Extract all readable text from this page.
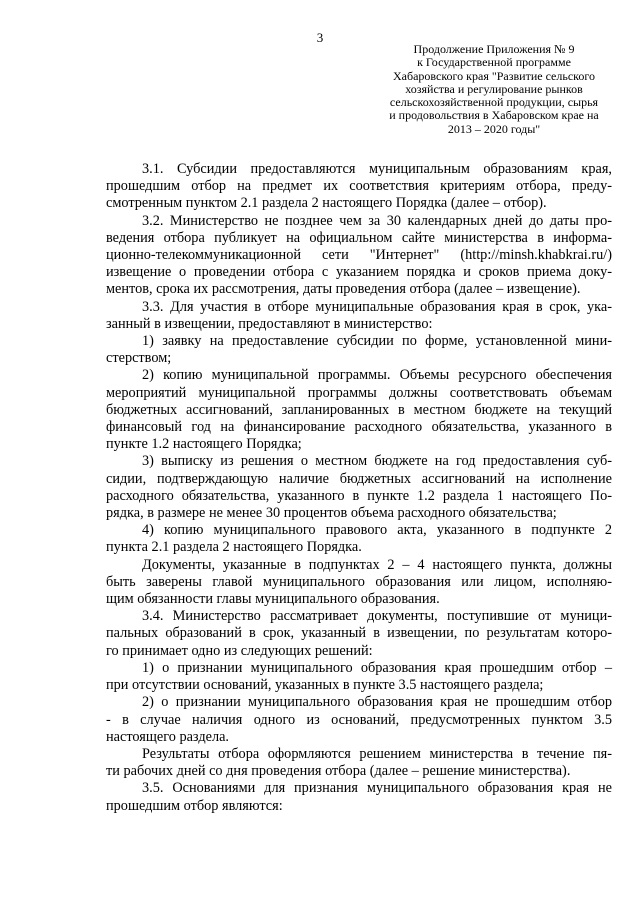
3
Продолжение Приложения № 9
к Государственной программе
Хабаровского края "Развитие сельского
хозяйства и регулирование рынков
сельскохозяйственной продукции, сырья
и продовольствия в Хабаровском крае на
2013 – 2020 годы"
3.1. Субсидии предоставляются муниципальным образованиям края,
прошедшим отбор на предмет их соответствия критериям отбора, преду-
смотренным пунктом 2.1 раздела 2 настоящего Порядка (далее – отбор).
3.2. Министерство не позднее чем за 30 календарных дней до даты про-
ведения отбора публикует на официальном сайте министерства в информа-
ционно-телекоммуникационной сети "Интернет" (http://minsh.khabkrai.ru/)
извещение о проведении отбора с указанием порядка и сроков приема доку-
ментов, срока их рассмотрения, даты проведения отбора (далее – извещение).
3.3. Для участия в отборе муниципальные образования края в срок, ука-
занный в извещении, предоставляют в министерство:
1) заявку на предоставление субсидии по форме, установленной мини-
стерством;
2) копию муниципальной программы. Объемы ресурсного обеспечения
мероприятий муниципальной программы должны соответствовать объемам
бюджетных ассигнований, запланированных в местном бюджете на текущий
финансовый год на финансирование расходного обязательства, указанного в
пункте 1.2 настоящего Порядка;
3) выписку из решения о местном бюджете на год предоставления суб-
сидии, подтверждающую наличие бюджетных ассигнований на исполнение
расходного обязательства, указанного в пункте 1.2 раздела 1 настоящего По-
рядка, в размере не менее 30 процентов объема расходного обязательства;
4) копию муниципального правового акта, указанного в подпункте 2
пункта 2.1 раздела 2 настоящего Порядка.
Документы, указанные в подпунктах 2 – 4 настоящего пункта, должны
быть заверены главой муниципального образования или лицом, исполняю-
щим обязанности главы муниципального образования.
3.4. Министерство рассматривает документы, поступившие от муници-
пальных образований в срок, указанный в извещении, по результатам которо-
го принимает одно из следующих решений:
1) о признании муниципального образования края прошедшим отбор –
при отсутствии оснований, указанных в пункте 3.5 настоящего раздела;
2) о признании муниципального образования края не прошедшим отбор
- в случае наличия одного из оснований, предусмотренных пунктом 3.5
настоящего раздела.
Результаты отбора оформляются решением министерства в течение пя-
ти рабочих дней со дня проведения отбора (далее – решение министерства).
3.5. Основаниями для признания муниципального образования края не
прошедшим отбор являются:
